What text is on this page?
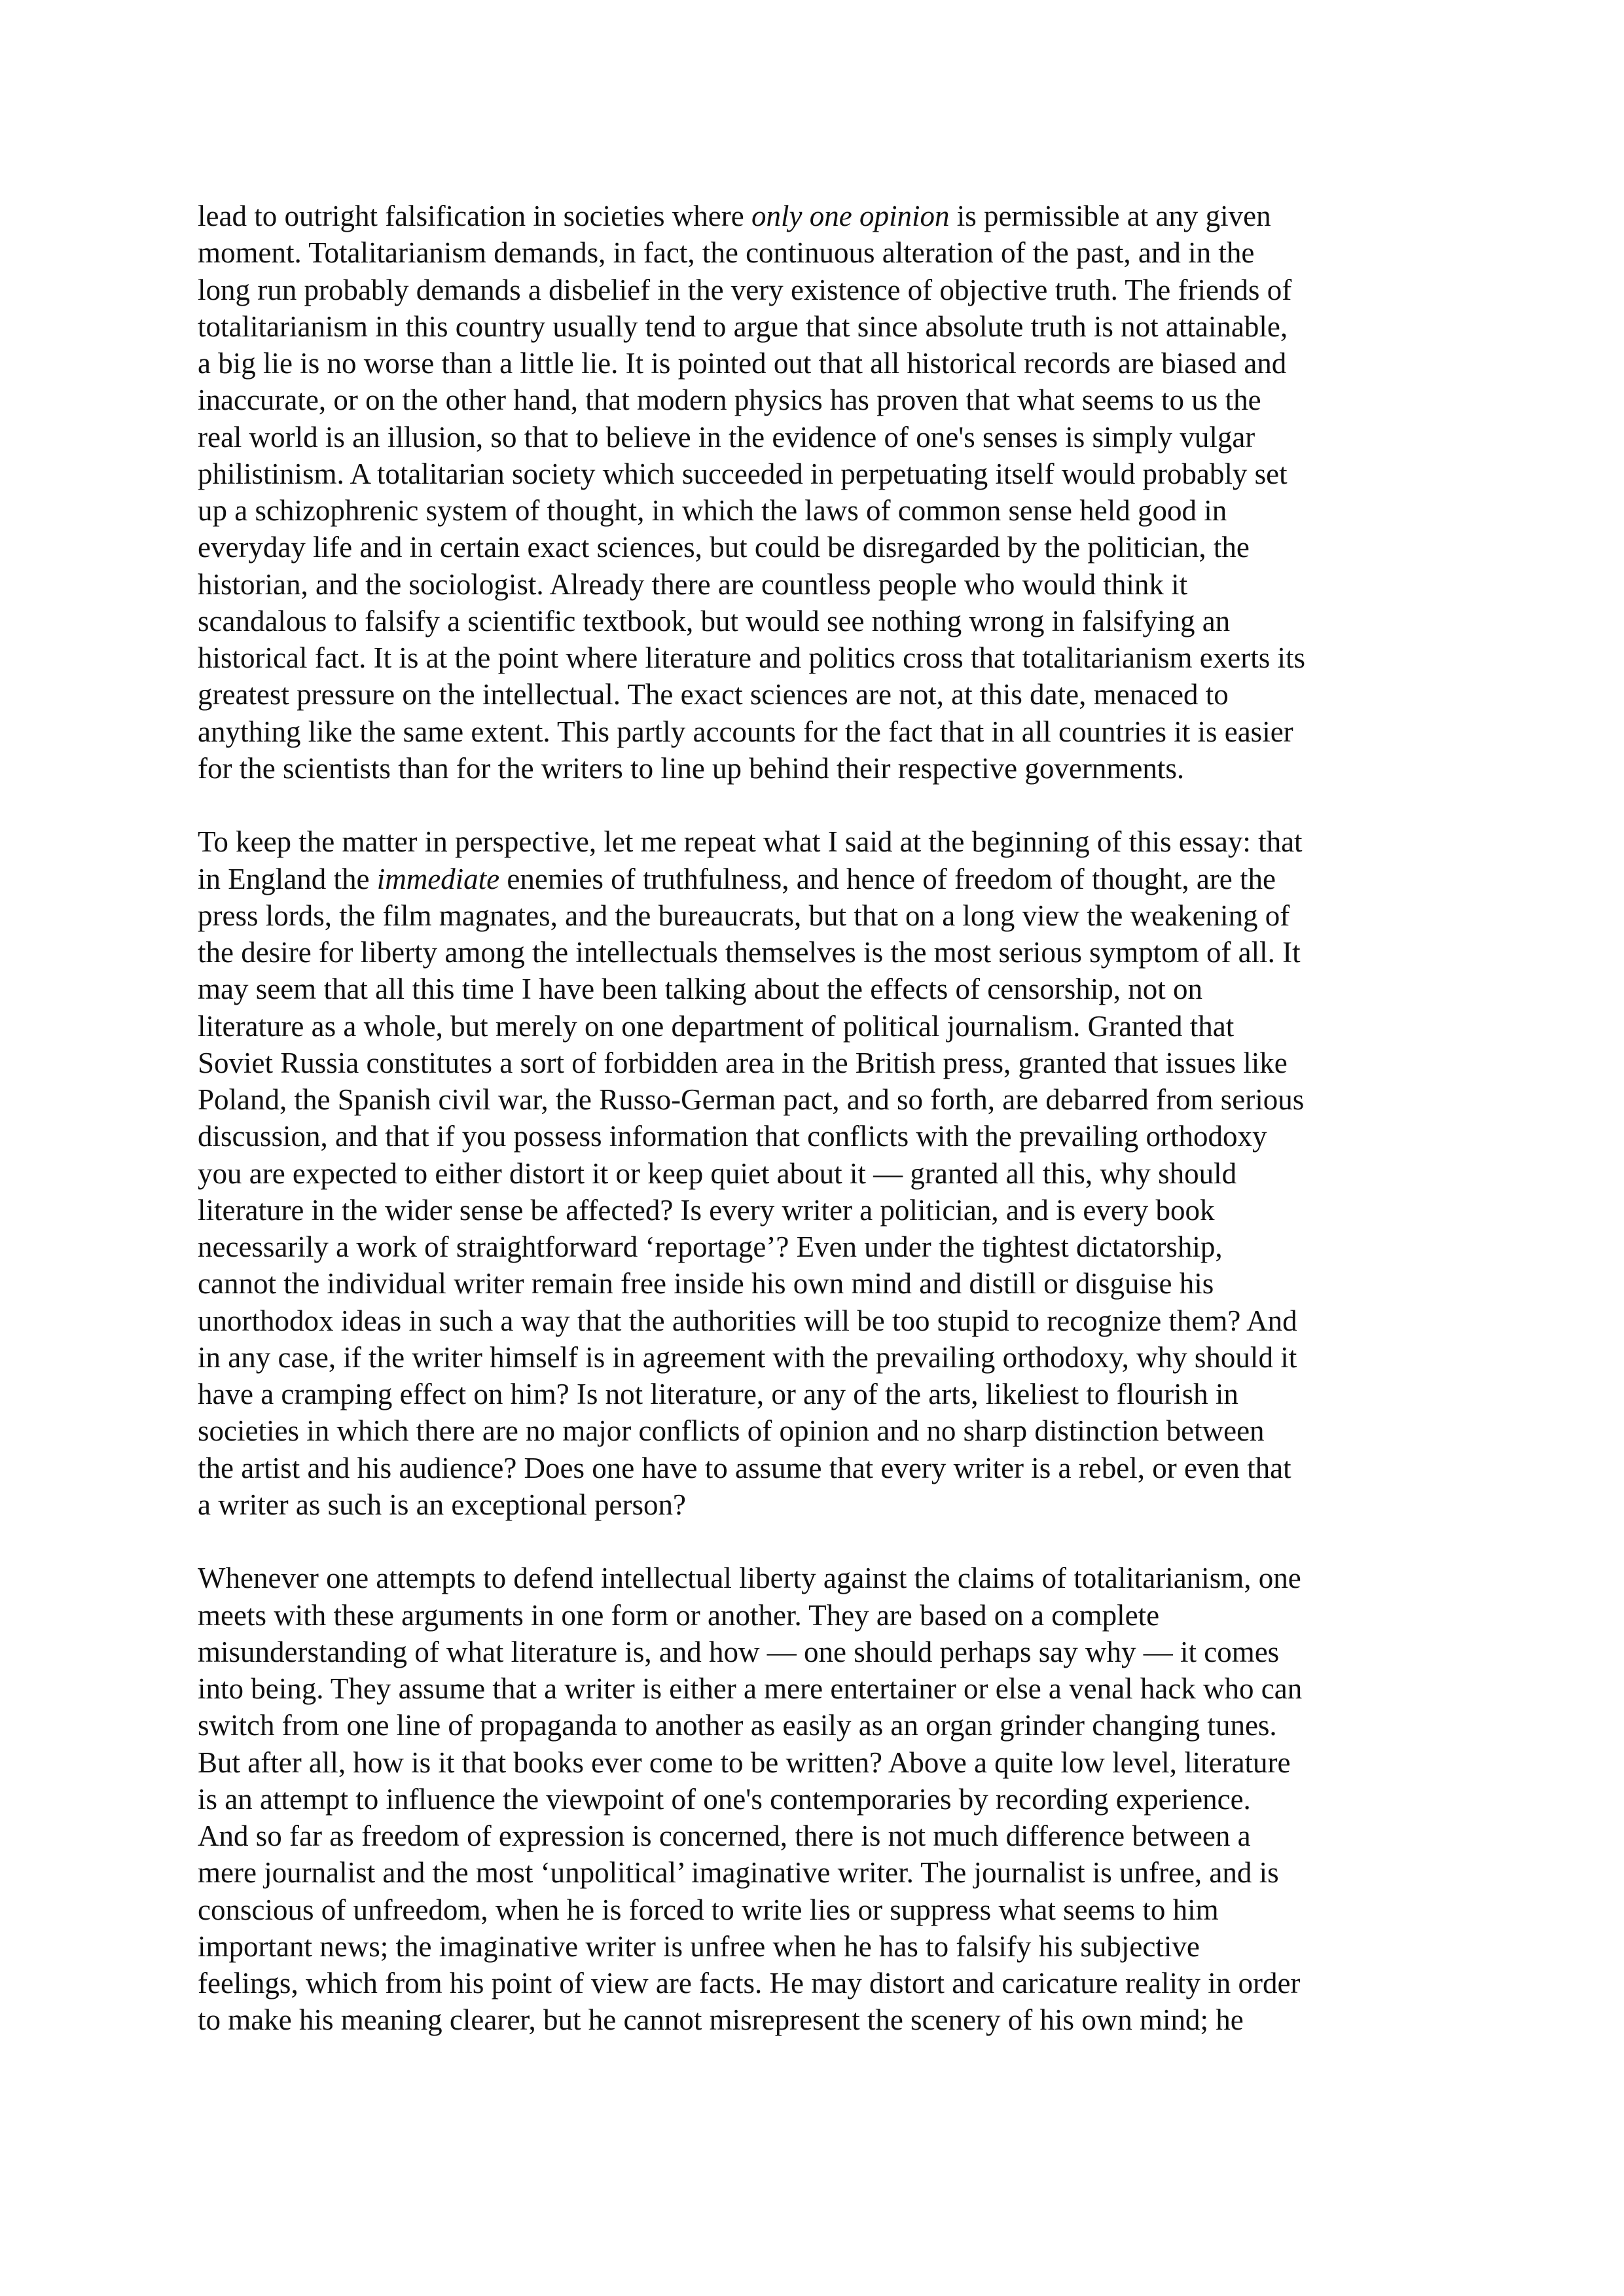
lead to outright falsification in societies where only one opinion is permissible at any given
moment. Totalitarianism demands, in fact, the continuous alteration of the past, and in the
long run probably demands a disbelief in the very existence of objective truth. The friends of
totalitarianism in this country usually tend to argue that since absolute truth is not attainable,
a big lie is no worse than a little lie. It is pointed out that all historical records are biased and
inaccurate, or on the other hand, that modern physics has proven that what seems to us the
real world is an illusion, so that to believe in the evidence of one's senses is simply vulgar
philistinism. A totalitarian society which succeeded in perpetuating itself would probably set
up a schizophrenic system of thought, in which the laws of common sense held good in
everyday life and in certain exact sciences, but could be disregarded by the politician, the
historian, and the sociologist. Already there are countless people who would think it
scandalous to falsify a scientific textbook, but would see nothing wrong in falsifying an
historical fact. It is at the point where literature and politics cross that totalitarianism exerts its
greatest pressure on the intellectual. The exact sciences are not, at this date, menaced to
anything like the same extent. This partly accounts for the fact that in all countries it is easier
for the scientists than for the writers to line up behind their respective governments.
To keep the matter in perspective, let me repeat what I said at the beginning of this essay: that
in England the immediate enemies of truthfulness, and hence of freedom of thought, are the
press lords, the film magnates, and the bureaucrats, but that on a long view the weakening of
the desire for liberty among the intellectuals themselves is the most serious symptom of all. It
may seem that all this time I have been talking about the effects of censorship, not on
literature as a whole, but merely on one department of political journalism. Granted that
Soviet Russia constitutes a sort of forbidden area in the British press, granted that issues like
Poland, the Spanish civil war, the Russo-German pact, and so forth, are debarred from serious
discussion, and that if you possess information that conflicts with the prevailing orthodoxy
you are expected to either distort it or keep quiet about it — granted all this, why should
literature in the wider sense be affected? Is every writer a politician, and is every book
necessarily a work of straightforward ‘reportage’? Even under the tightest dictatorship,
cannot the individual writer remain free inside his own mind and distill or disguise his
unorthodox ideas in such a way that the authorities will be too stupid to recognize them? And
in any case, if the writer himself is in agreement with the prevailing orthodoxy, why should it
have a cramping effect on him? Is not literature, or any of the arts, likeliest to flourish in
societies in which there are no major conflicts of opinion and no sharp distinction between
the artist and his audience? Does one have to assume that every writer is a rebel, or even that
a writer as such is an exceptional person?
Whenever one attempts to defend intellectual liberty against the claims of totalitarianism, one
meets with these arguments in one form or another. They are based on a complete
misunderstanding of what literature is, and how — one should perhaps say why — it comes
into being. They assume that a writer is either a mere entertainer or else a venal hack who can
switch from one line of propaganda to another as easily as an organ grinder changing tunes.
But after all, how is it that books ever come to be written? Above a quite low level, literature
is an attempt to influence the viewpoint of one's contemporaries by recording experience.
And so far as freedom of expression is concerned, there is not much difference between a
mere journalist and the most ‘unpolitical’ imaginative writer. The journalist is unfree, and is
conscious of unfreedom, when he is forced to write lies or suppress what seems to him
important news; the imaginative writer is unfree when he has to falsify his subjective
feelings, which from his point of view are facts. He may distort and caricature reality in order
to make his meaning clearer, but he cannot misrepresent the scenery of his own mind; he
